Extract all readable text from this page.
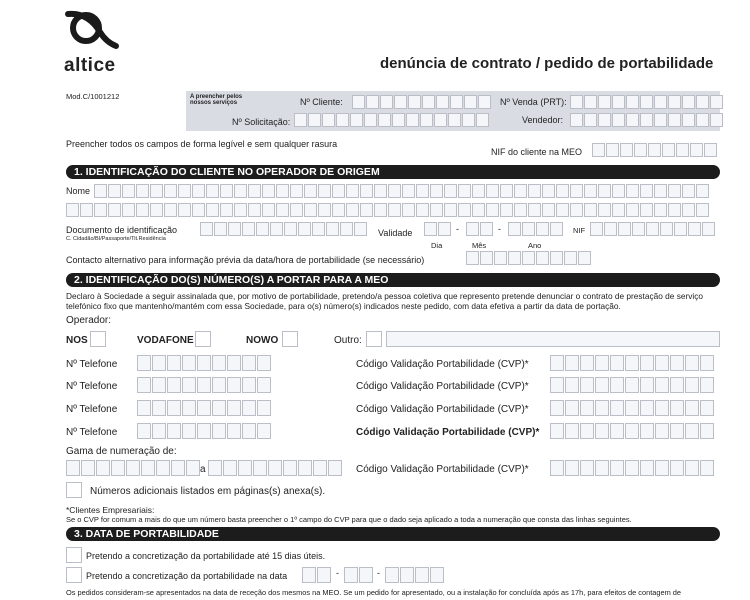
altice	denúncia de contrato / pedido de portabilidade
Mod.C/1001212	A preencher pelos nossos serviços	Nº Cliente:	Nº Venda (PRT):
Nº Solicitação:	Vendedor:
Preencher todos os campos de forma legível e sem qualquer rasura
NIF do cliente na MEO
1. IDENTIFICAÇÃO DO CLIENTE NO OPERADOR DE ORIGEM
Nome
Documento de identificação
C. Cidadão/BI/Passaporte/Tit.Residência
Validade	-	-
Dia	Mês	Ano
NIF
Contacto alternativo para informação prévia da data/hora de portabilidade (se necessário)
2. IDENTIFICAÇÃO DO(S) NÚMERO(S) A PORTAR PARA A MEO
Declaro à Sociedade a seguir assinalada que, por motivo de portabilidade, pretendo/a pessoa coletiva que represento pretende denunciar o contrato de prestação de serviço telefónico fixo que mantenho/mantém com essa Sociedade, para o(s) número(s) indicados neste pedido, com data efetiva a partir da data de portação.
Operador:
NOS	VODAFONE	NOWO	Outro:
Nº Telefone	Código Validação Portabilidade (CVP)*
Nº Telefone	Código Validação Portabilidade (CVP)*
Nº Telefone	Código Validação Portabilidade (CVP)*
Nº Telefone	Código Validação Portabilidade (CVP)*
Gama de numeração de:
a	Código Validação Portabilidade (CVP)*
Números adicionais listados em páginas(s) anexa(s).
*Clientes Empresariais:
Se o CVP for comum a mais do que um número basta preencher o 1º campo do CVP para que o dado seja aplicado a toda a numeração que consta das linhas seguintes.
3. DATA DE PORTABILIDADE
Pretendo a concretização da portabilidade até 15 dias úteis.
Pretendo a concretização da portabilidade na data	-	-
Os pedidos consideram-se apresentados na data de receção dos mesmos na MEO. Se um pedido for apresentado, ou a instalação for concluída após as 17h, para efeitos de contagem de
